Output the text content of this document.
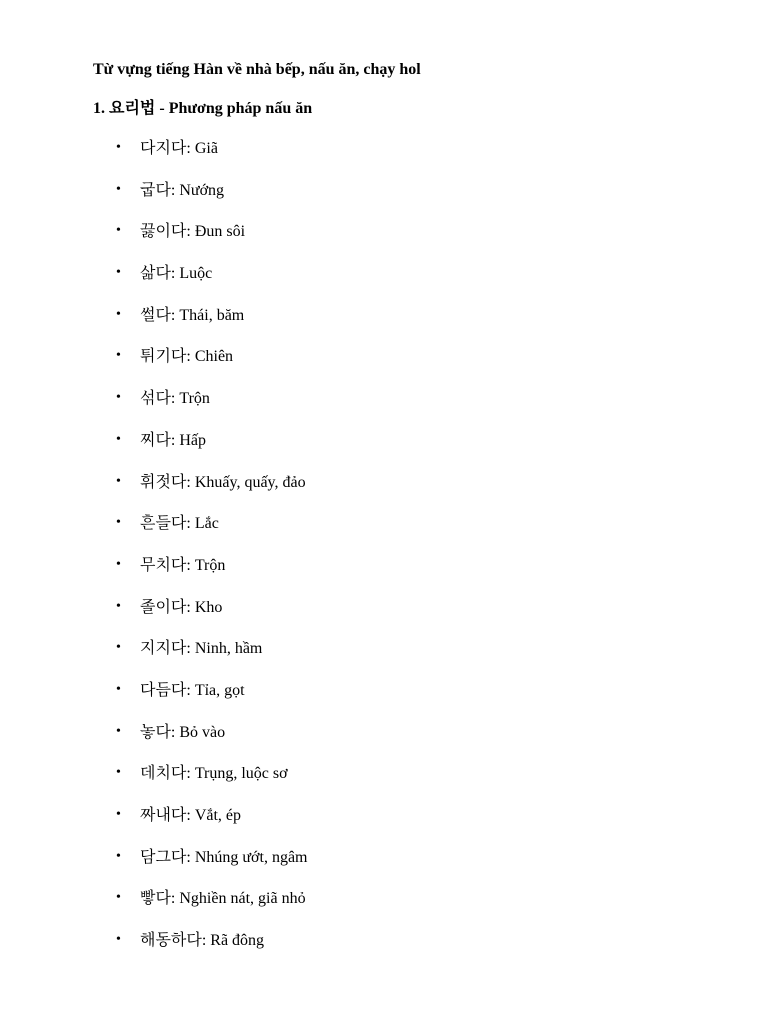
Từ vựng tiếng Hàn về nhà bếp, nấu ăn, chạy hol

1. 요리법 - Phương pháp nấu ăn

• 다지다: Giã
• 굽다: Nướng
• 끓이다: Đun sôi
• 삶다: Luộc
• 썰다: Thái, băm
• 튀기다: Chiên
• 섞다: Trộn
• 찌다: Hấp
• 휘젓다: Khuấy, quấy, đảo
• 흔들다: Lắc
• 무치다: Trộn
• 졸이다: Kho
• 지지다: Ninh, hầm
• 다듬다: Tỉa, gọt
• 놓다: Bỏ vào
• 데치다: Trụng, luộc sơ
• 짜내다: Vắt, ép
• 담그다: Nhúng ướt, ngâm
• 빻다: Nghiền nát, giã nhỏ
• 해동하다: Rã đông
